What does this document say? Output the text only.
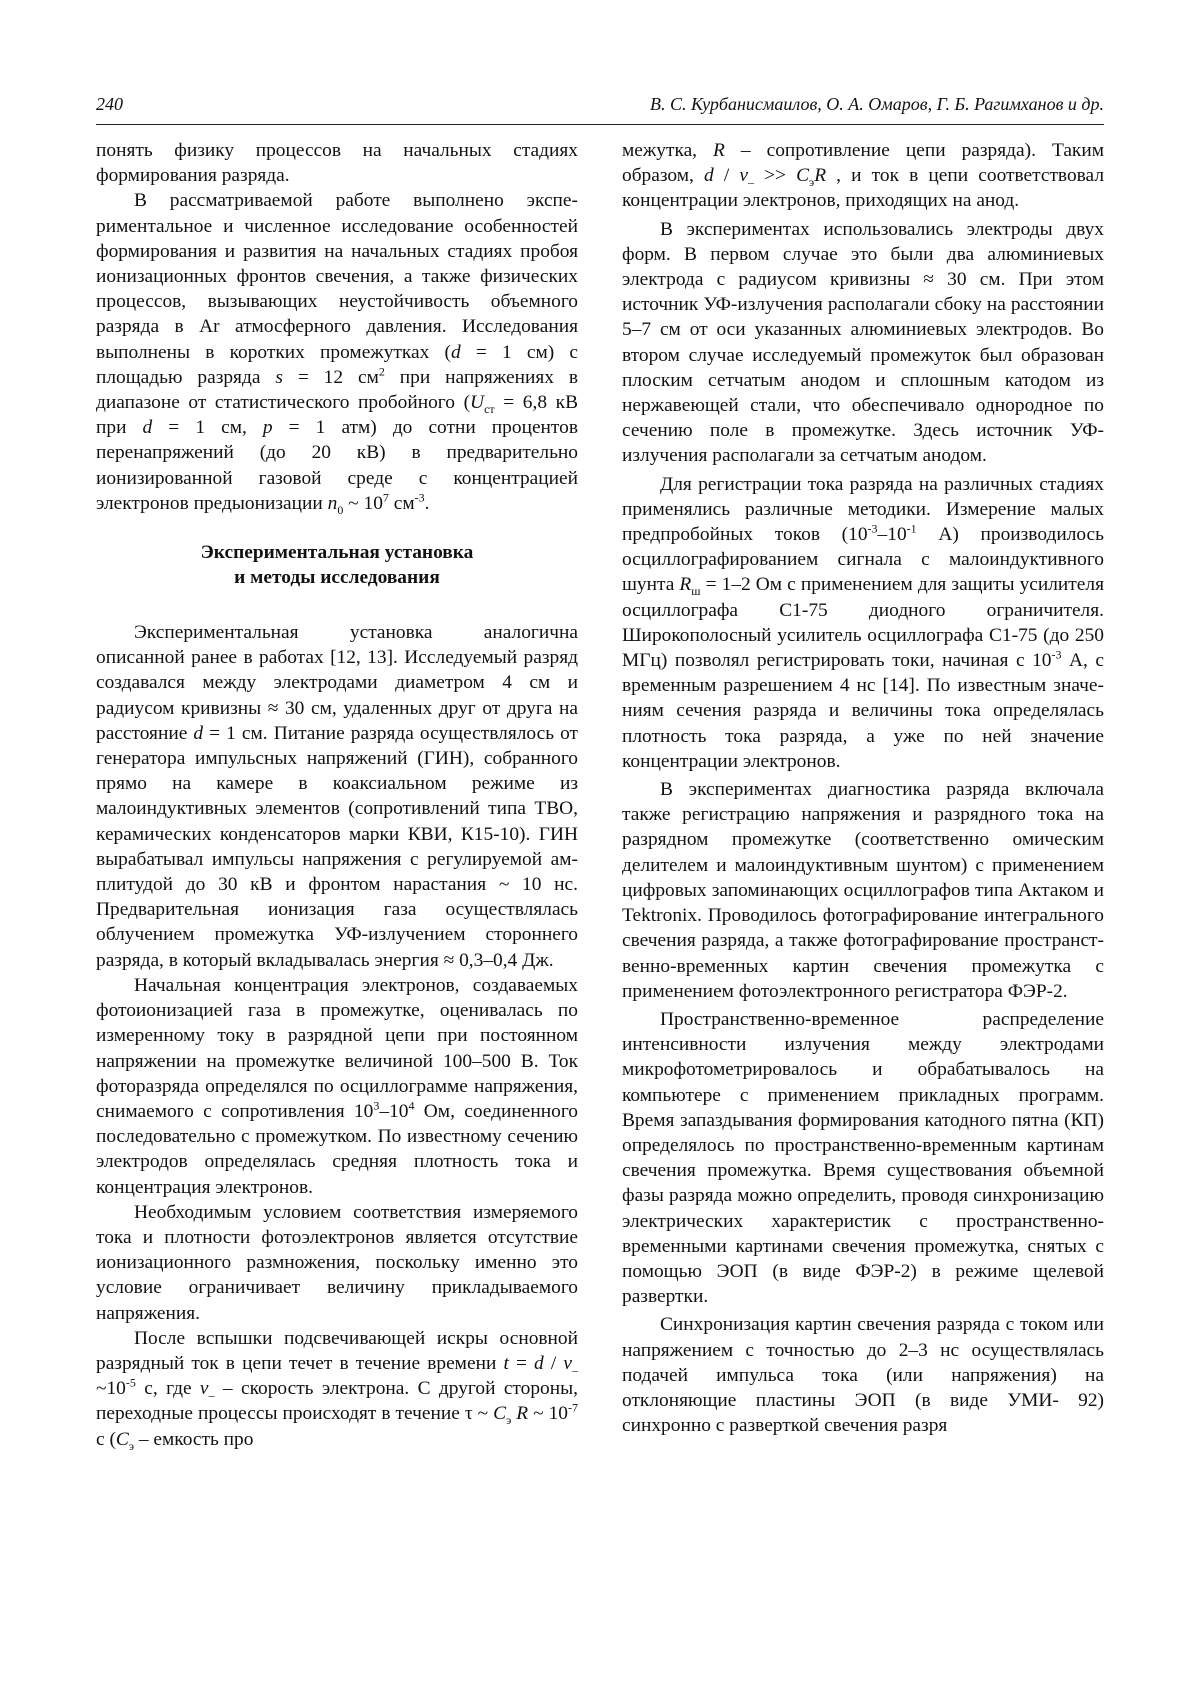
240	В. С. Курбанисмаилов, О. А. Омаров, Г. Б. Рагимханов и др.

понять физику процессов на начальных стадиях формирования разряда.

В рассматриваемой работе выполнено экспериментальное и численное исследование особенностей формирования и развития на начальных стадиях пробоя ионизационных фронтов свечения, а также физических процессов, вызывающих неустойчивость объемного разряда в Ar атмосферного давления. Исследования выполнены в коротких промежутках (d = 1 см) с площадью разряда s = 12 $см^2$ при напряжениях в диапазоне от статистического пробойного ($U_{ст} = 6,8$ кВ при d = 1 см, p = 1 атм) до сотни процентов перенапряжений (до 20 кВ) в предварительно ионизированной газовой среде с концентрацией электронов предыонизации $n_0$ ~ $10^7$ $см^{-3}$.

Экспериментальная установка
и методы исследования

Экспериментальная установка аналогична описанной ранее в работах [12, 13]. Исследуемый разряд создавался между электродами диаметром 4 см и радиусом кривизны ≈ 30 см, удаленных друг от друга на расстояние d = 1 см. Питание разряда осуществлялось от генератора импульсных напряжений (ГИН), собранного прямо на камере в коаксиальном режиме из малоиндуктивных элементов (сопротивлений типа ТВО, керамических конденсаторов марки КВИ, К15-10). ГИН вырабатывал импульсы напряжения с регулируемой амплитудой до 30 кВ и фронтом нарастания ~ 10 нс. Предварительная ионизация газа осуществлялась облучением промежутка УФ-излучением стороннего разряда, в который вкладывалась энергия ≈ 0,3–0,4 Дж.

Начальная концентрация электронов, создаваемых фотоионизацией газа в промежутке, оценивалась по измеренному току в разрядной цепи при постоянном напряжении на промежутке величиной 100–500 В. Ток фоторазряда определялся по осциллограмме напряжения, снимаемого с сопротивления $10^3-10^4$ Ом, соединенного последовательно с промежутком. По известному сечению электродов определялась средняя плотность тока и концентрация электронов.

Необходимым условием соответствия измеряемого тока и плотности фотоэлектронов является отсутствие ионизационного размножения, поскольку именно это условие ограничивает величину прикладываемого напряжения.

После вспышки подсвечивающей искры основной разрядный ток в цепи течет в течение времени $t = d / v_-$ $\sim 10^{-5}$ с, где $v_-$ – скорость электрона. С другой стороны, переходные процессы происходят в течение τ ~ $C_э$ R ~ $10^{-7}$ с ($C_э$ – емкость про

межутка, R – сопротивление цепи разряда). Таким образом, $d / v_- >> C_эR$ , и ток в цепи соответствовал концентрации электронов, приходящих на анод.

В экспериментах использовались электроды двух форм. В первом случае это были два алюминиевых электрода с радиусом кривизны ≈ 30 см. При этом источник УФ-излучения располагали сбоку на расстоянии 5–7 см от оси указанных алюминиевых электродов. Во втором случае исследуемый промежуток был образован плоским сетчатым анодом и сплошным катодом из нержавеющей стали, что обеспечивало однородное по сечению поле в промежутке. Здесь источник УФ-излучения располагали за сетчатым анодом.

Для регистрации тока разряда на различных стадиях применялись различные методики. Измерение малых предпробойных токов ($10^{-3}-10^{-1}$ А) производилось осциллографированием сигнала с малоиндуктивного шунта $R_ш = 1-2$ Ом с применением для защиты усилителя осциллографа С1-75 диодного ограничителя. Широкополосный усилитель осциллографа С1-75 (до 250 МГц) позволял регистрировать токи, начиная с $10^{-3}$ А, с временным разрешением 4 нс [14]. По известным значениям сечения разряда и величины тока определялась плотность тока разряда, а уже по ней значение концентрации электронов.

В экспериментах диагностика разряда включала также регистрацию напряжения и разрядного тока на разрядном промежутке (соответственно омическим делителем и малоиндуктивным шунтом) с применением цифровых запоминающих осциллографов типа Актаком и Tektronix. Проводилось фотографирование интегрального свечения разряда, а также фотографирование пространственно-временных картин свечения промежутка с применением фотоэлектронного регистратора ФЭР-2.

Пространственно-временное распределение интенсивности излучения между электродами микрофотометрировалось и обрабатывалось на компьютере с применением прикладных программ. Время запаздывания формирования катодного пятна (КП) определялось по пространственно-временным картинам свечения промежутка. Время существования объемной фазы разряда можно определить, проводя синхронизацию электрических характеристик с пространственно-временными картинами свечения промежутка, снятых с помощью ЭОП (в виде ФЭР-2) в режиме щелевой развертки.

Синхронизация картин свечения разряда с током или напряжением с точностью до 2–3 нс осуществлялась подачей импульса тока (или напряжения) на отклоняющие пластины ЭОП (в виде УМИ- 92) синхронно с разверткой свечения разря
